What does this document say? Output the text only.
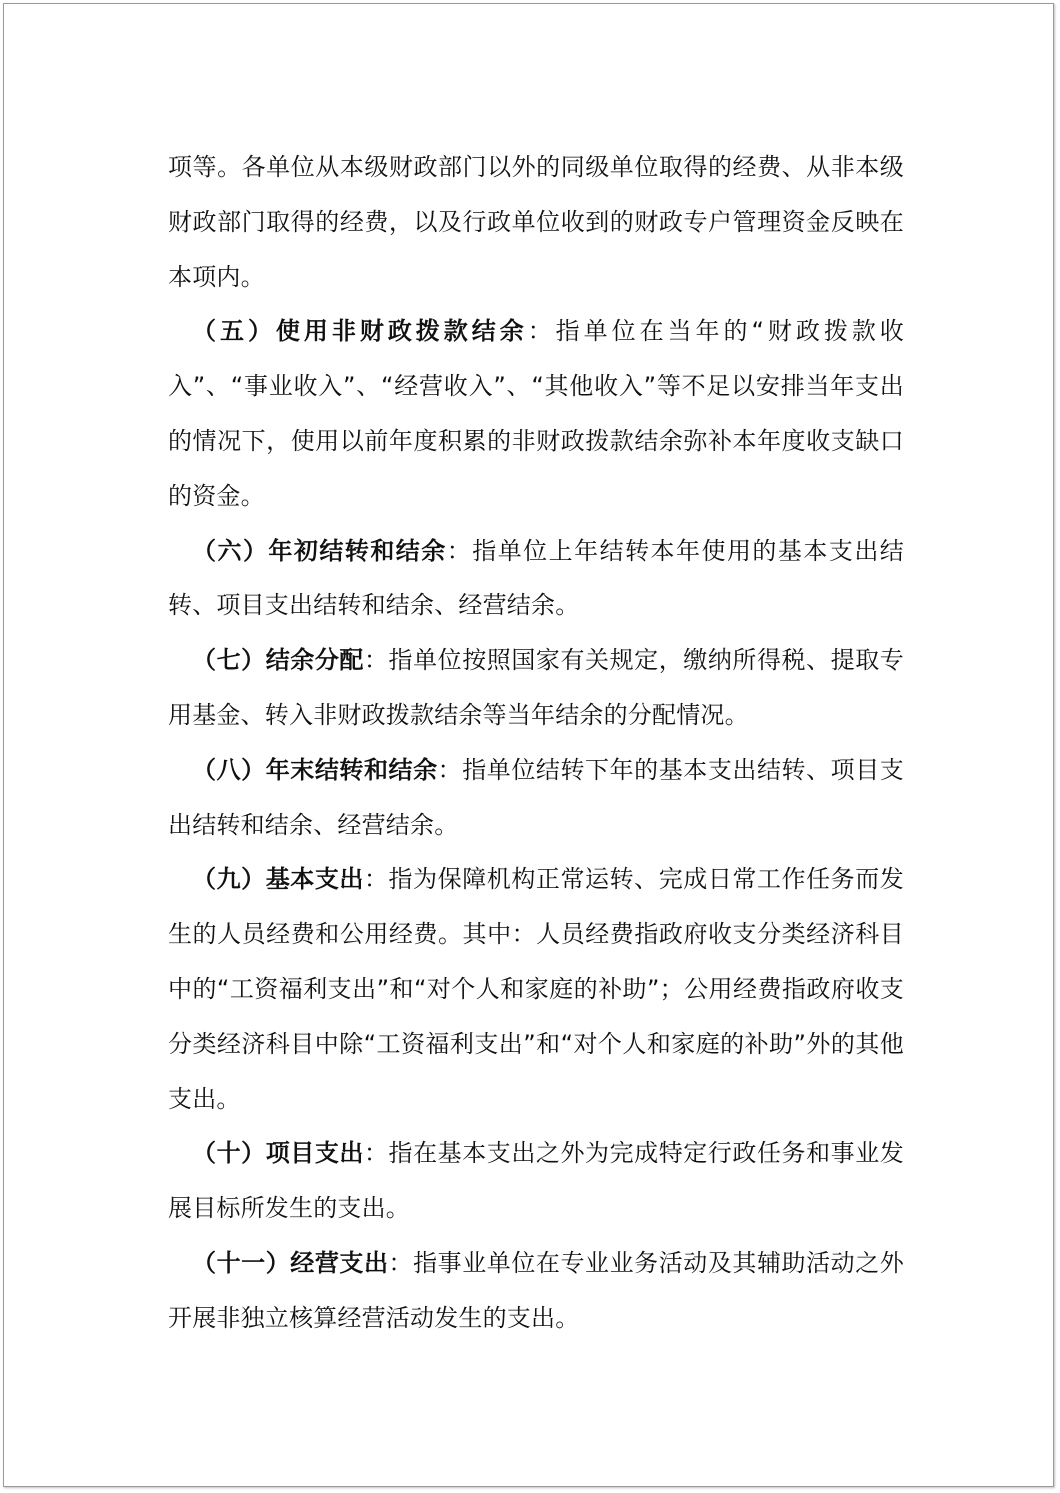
项等。各单位从本级财政部门以外的同级单位取得的经费、从非本级财政部门取得的经费，以及行政单位收到的财政专户管理资金反映在本项内。

（五）使用非财政拨款结余：指单位在当年的“财政拨款收入”、“事业收入”、“经营收入”、“其他收入”等不足以安排当年支出的情况下，使用以前年度积累的非财政拨款结余弥补本年度收支缺口的资金。

（六）年初结转和结余：指单位上年结转本年使用的基本支出结转、项目支出结转和结余、经营结余。

（七）结余分配：指单位按照国家有关规定，缴纳所得税、提取专用基金、转入非财政拨款结余等当年结余的分配情况。

（八）年末结转和结余：指单位结转下年的基本支出结转、项目支出结转和结余、经营结余。

（九）基本支出：指为保障机构正常运转、完成日常工作任务而发生的人员经费和公用经费。其中：人员经费指政府收支分类经济科目中的“工资福利支出”和“对个人和家庭的补助”；公用经费指政府收支分类经济科目中除“工资福利支出”和“对个人和家庭的补助”外的其他支出。

（十）项目支出：指在基本支出之外为完成特定行政任务和事业发展目标所发生的支出。

（十一）经营支出：指事业单位在专业业务活动及其辅助活动之外开展非独立核算经营活动发生的支出。
